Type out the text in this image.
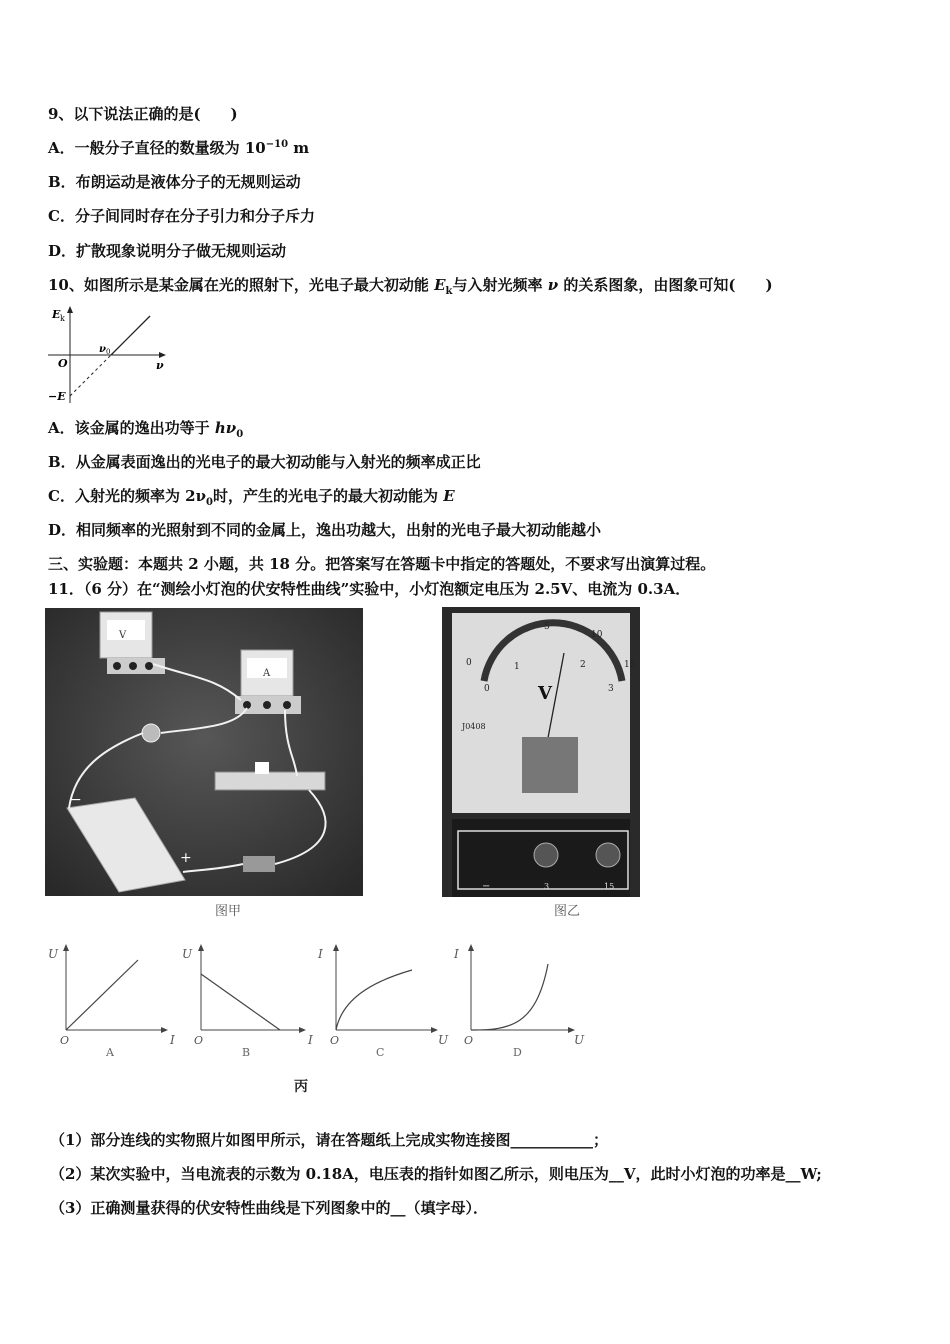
9、以下说法正确的是(　　)
A．一般分子直径的数量级为 $10^{-10}$ m
B．布朗运动是液体分子的无规则运动
C．分子间同时存在分子引力和分子斥力
D．扩散现象说明分子做无规则运动
10、如图所示是某金属在光的照射下，光电子最大初动能 $E_k$与入射光频率 ν 的关系图象，由图象可知(　　)
E k
O
ν 0
ν
−E
A．该金属的逸出功等于 $h\nu_0$
B．从金属表面逸出的光电子的最大初动能与入射光的频率成正比
C．入射光的频率为 $2\nu_0$时，产生的光电子的最大初动能为 E
D．相同频率的光照射到不同的金属上，逸出功越大，出射的光电子最大初动能越小
三、实验题：本题共 2 小题，共 18 分。把答案写在答题卡中指定的答题处，不要求写出演算过程。
11．（6 分）在“测绘小灯泡的伏安特性曲线”实验中，小灯泡额定电压为 2.5V、电流为 0.3A．
V
A
−
+
图甲
0
5
10
15
0
1	2
3
V
J0408
−	3	15
图乙
U
O	I
A
U
O	I
B
I
O	U
C
I
O	U
D
丙
（1）部分连线的实物照片如图甲所示，请在答题纸上完成实物连接图___________；
（2）某次实验中，当电流表的示数为 0.18A，电压表的指针如图乙所示，则电压为__V，此时小灯泡的功率是__W;
（3）正确测量获得的伏安特性曲线是下列图象中的__（填字母）．
